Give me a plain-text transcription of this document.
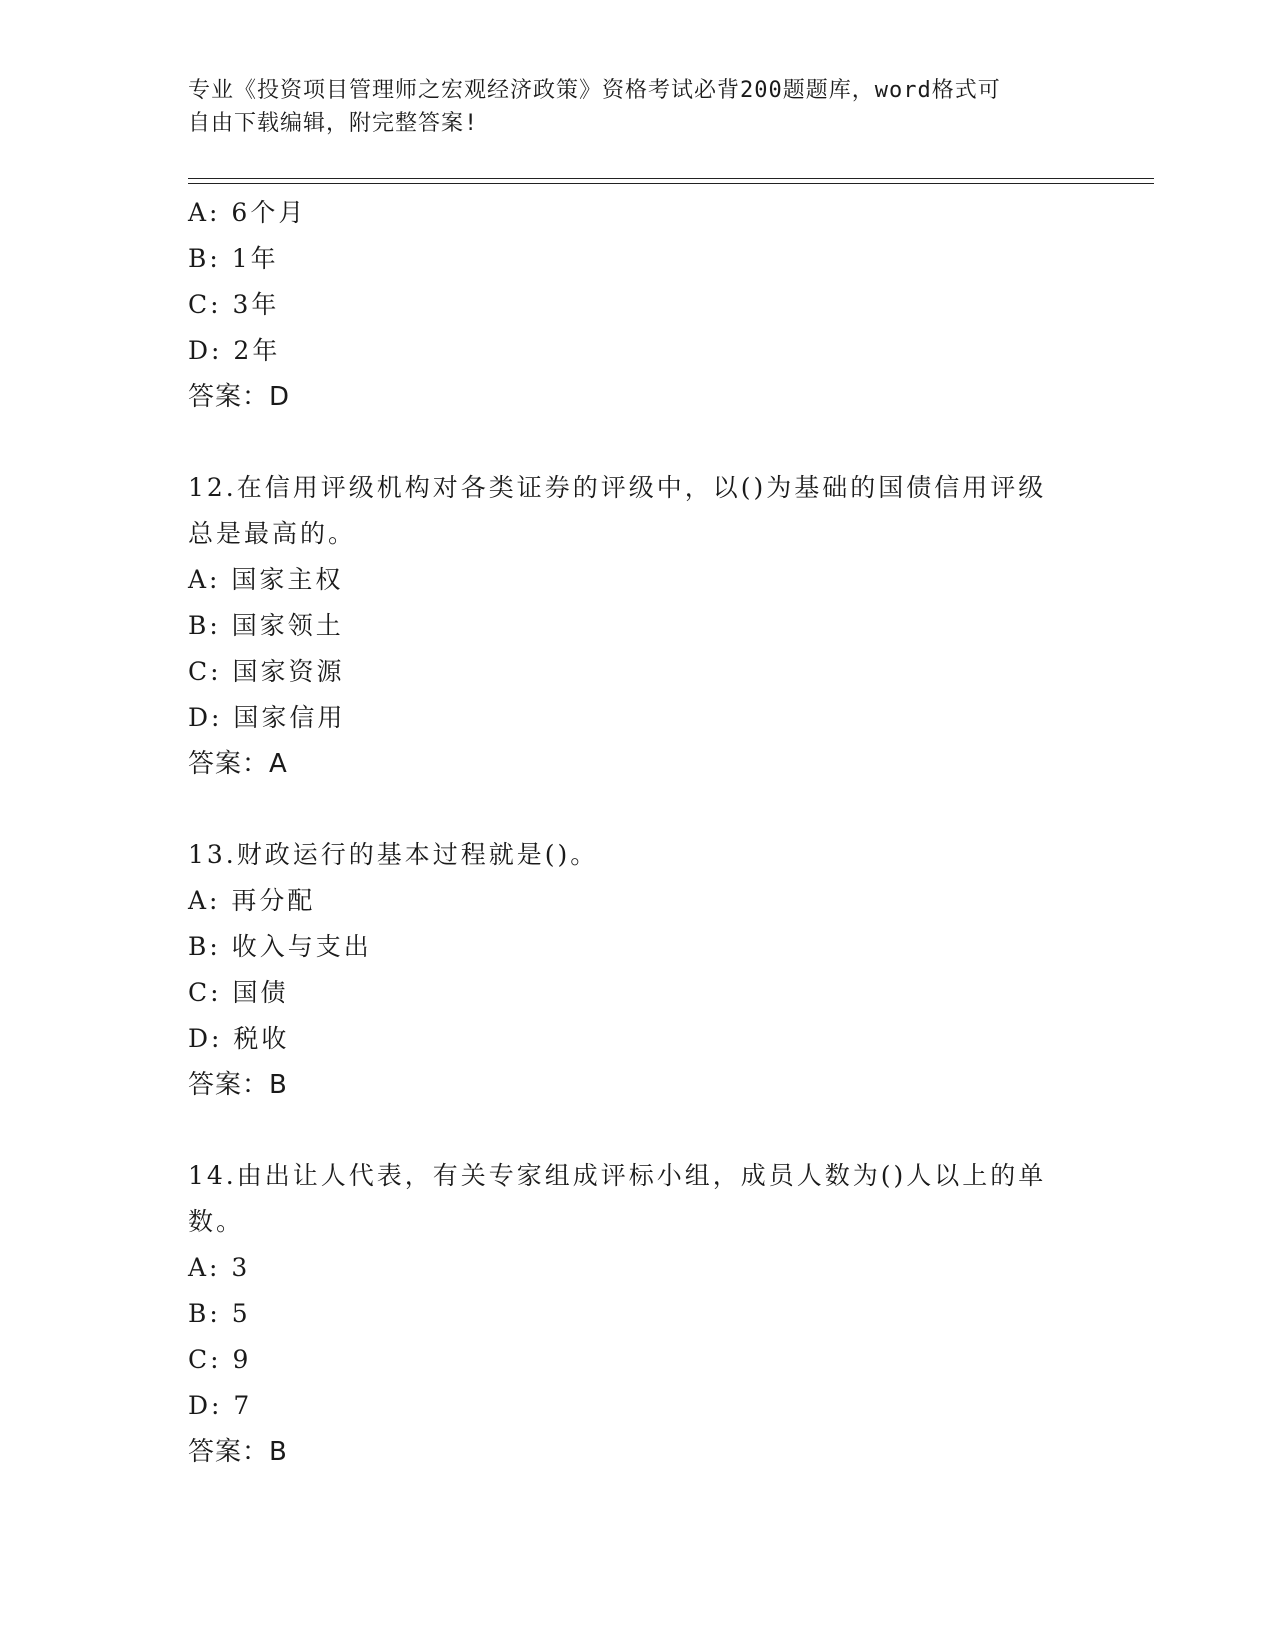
专业《投资项目管理师之宏观经济政策》资格考试必背200题题库，word格式可
自由下载编辑，附完整答案!
A: 6个月
B: 1年
C: 3年
D: 2年
答案：D
12.在信用评级机构对各类证券的评级中，以()为基础的国债信用评级
总是最高的。
A: 国家主权
B: 国家领土
C: 国家资源
D: 国家信用
答案：A
13.财政运行的基本过程就是()。
A: 再分配
B: 收入与支出
C: 国债
D: 税收
答案：B
14.由出让人代表，有关专家组成评标小组，成员人数为()人以上的单
数。
A: 3
B: 5
C: 9
D: 7
答案：B
